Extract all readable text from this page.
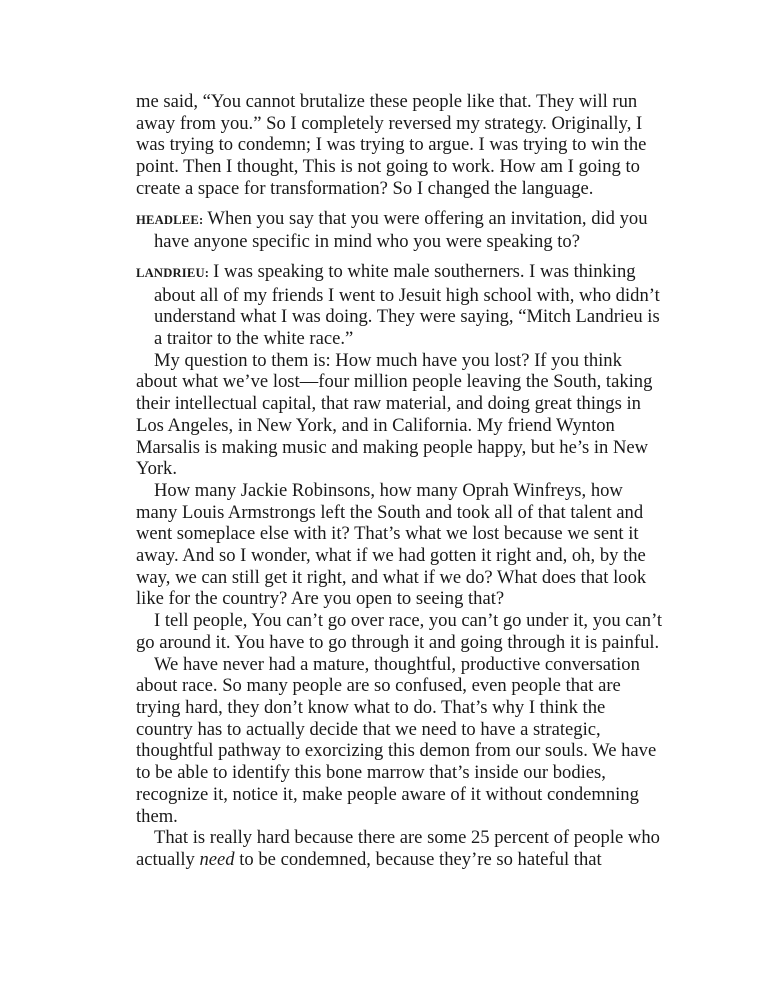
me said, “You cannot brutalize these people like that. They will run away from you.” So I completely reversed my strategy. Originally, I was trying to condemn; I was trying to argue. I was trying to win the point. Then I thought, This is not going to work. How am I going to create a space for transformation? So I changed the language.

HEADLEE: When you say that you were offering an invitation, did you have anyone specific in mind who you were speaking to?

LANDRIEU: I was speaking to white male southerners. I was thinking about all of my friends I went to Jesuit high school with, who didn’t understand what I was doing. They were saying, “Mitch Landrieu is a traitor to the white race.”

My question to them is: How much have you lost? If you think about what we’ve lost—four million people leaving the South, taking their intellectual capital, that raw material, and doing great things in Los Angeles, in New York, and in California. My friend Wynton Marsalis is making music and making people happy, but he’s in New York.

How many Jackie Robinsons, how many Oprah Winfreys, how many Louis Armstrongs left the South and took all of that talent and went someplace else with it? That’s what we lost because we sent it away. And so I wonder, what if we had gotten it right and, oh, by the way, we can still get it right, and what if we do? What does that look like for the country? Are you open to seeing that?

I tell people, You can’t go over race, you can’t go under it, you can’t go around it. You have to go through it and going through it is painful.

We have never had a mature, thoughtful, productive conversation about race. So many people are so confused, even people that are trying hard, they don’t know what to do. That’s why I think the country has to actually decide that we need to have a strategic, thoughtful pathway to exorcizing this demon from our souls. We have to be able to identify this bone marrow that’s inside our bodies, recognize it, notice it, make people aware of it without condemning them.

That is really hard because there are some 25 percent of people who actually need to be condemned, because they’re so hateful that
